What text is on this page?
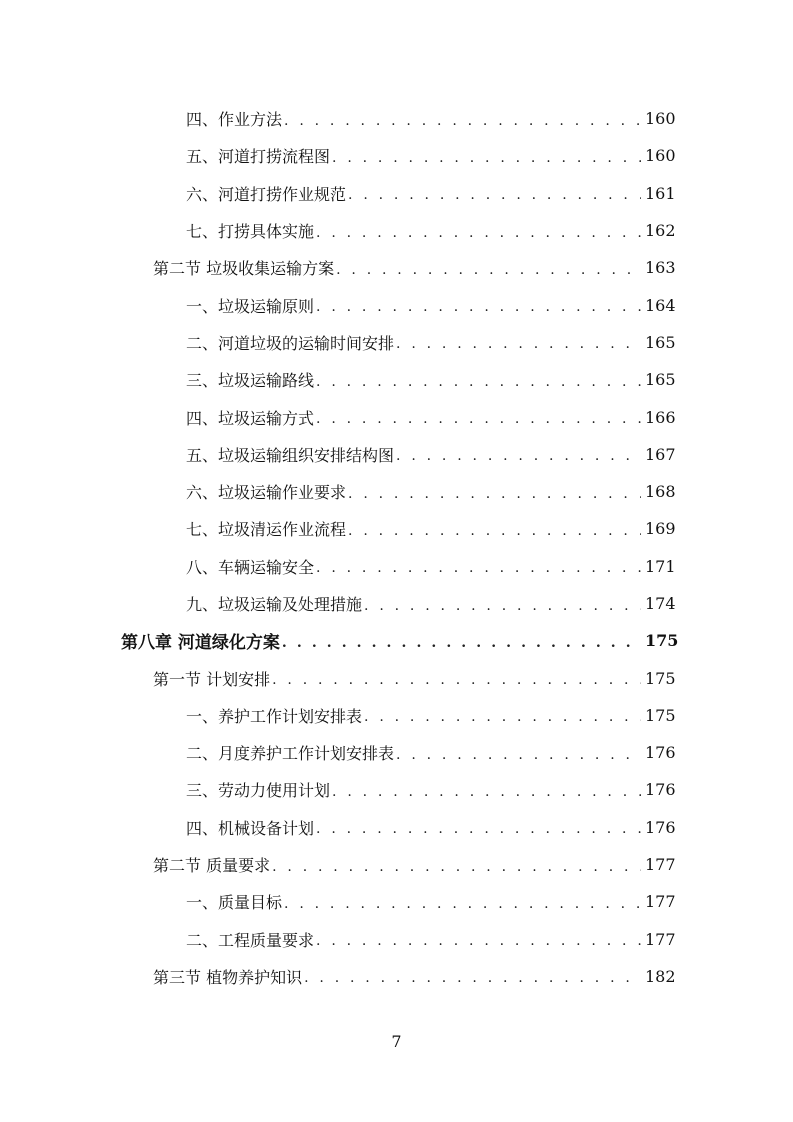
四、作业方法 . . .	160
五、河道打捞流程图 . . .	160
六、河道打捞作业规范 . . .	161
七、打捞具体实施 . . .	162
第二节 垃圾收集运输方案 . . .	163
一、垃圾运输原则 . . .	164
二、河道垃圾的运输时间安排 . . .	165
三、垃圾运输路线 . . .	165
四、垃圾运输方式 . . .	166
五、垃圾运输组织安排结构图 . . .	167
六、垃圾运输作业要求 . . .	168
七、垃圾清运作业流程 . . .	169
八、车辆运输安全 . . .	171
九、垃圾运输及处理措施 . . .	174
第八章 河道绿化方案 . . .	175
第一节 计划安排 . . .	175
一、养护工作计划安排表 . . .	175
二、月度养护工作计划安排表 . . .	176
三、劳动力使用计划 . . .	176
四、机械设备计划 . . .	176
第二节 质量要求 . . .	177
一、质量目标 . . .	177
二、工程质量要求 . . .	177
第三节 植物养护知识 . . .	182
7
